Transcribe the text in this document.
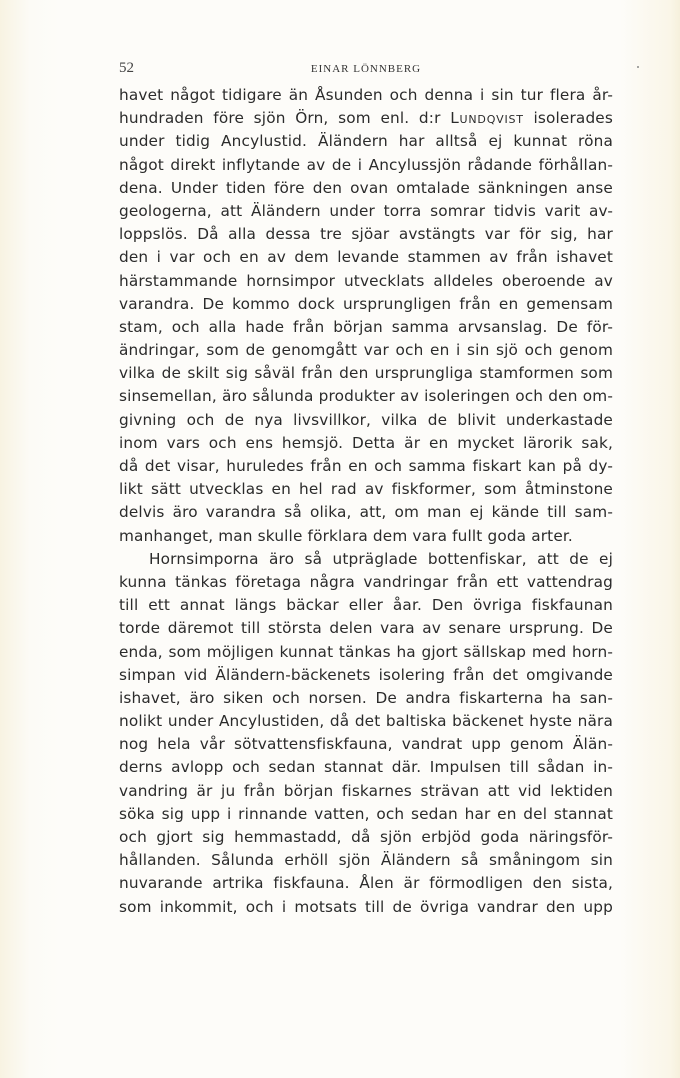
52	EINAR LÖNNBERG
havet något tidigare än Åsunden och denna i sin tur flera år-
hundraden före sjön Örn, som enl. d:r Lundqvist isolerades
under tidig Ancylustid. Äländern har alltså ej kunnat röna
något direkt inflytande av de i Ancylussjön rådande förhållan-
dena. Under tiden före den ovan omtalade sänkningen anse
geologerna, att Äländern under torra somrar tidvis varit av-
loppslös. Då alla dessa tre sjöar avstängts var för sig, har
den i var och en av dem levande stammen av från ishavet
härstammande hornsimpor utvecklats alldeles oberoende av
varandra. De kommo dock ursprungligen från en gemensam
stam, och alla hade från början samma arvsanslag. De för-
ändringar, som de genomgått var och en i sin sjö och genom
vilka de skilt sig såväl från den ursprungliga stamformen som
sinsemellan, äro sålunda produkter av isoleringen och den om-
givning och de nya livsvillkor, vilka de blivit underkastade
inom vars och ens hemsjö. Detta är en mycket lärorik sak,
då det visar, huruledes från en och samma fiskart kan på dy-
likt sätt utvecklas en hel rad av fiskformer, som åtminstone
delvis äro varandra så olika, att, om man ej kände till sam-
manhanget, man skulle förklara dem vara fullt goda arter.
Hornsimporna äro så utpräglade bottenfiskar, att de ej
kunna tänkas företaga några vandringar från ett vattendrag
till ett annat längs bäckar eller åar. Den övriga fiskfaunan
torde däremot till största delen vara av senare ursprung. De
enda, som möjligen kunnat tänkas ha gjort sällskap med horn-
simpan vid Äländern-bäckenets isolering från det omgivande
ishavet, äro siken och norsen. De andra fiskarterna ha san-
nolikt under Ancylustiden, då det baltiska bäckenet hyste nära
nog hela vår sötvattensfiskfauna, vandrat upp genom Älän-
derns avlopp och sedan stannat där. Impulsen till sådan in-
vandring är ju från början fiskarnes strävan att vid lektiden
söka sig upp i rinnande vatten, och sedan har en del stannat
och gjort sig hemmastadd, då sjön erbjöd goda näringsför-
hållanden. Sålunda erhöll sjön Äländern så småningom sin
nuvarande artrika fiskfauna. Ålen är förmodligen den sista,
som inkommit, och i motsats till de övriga vandrar den upp
